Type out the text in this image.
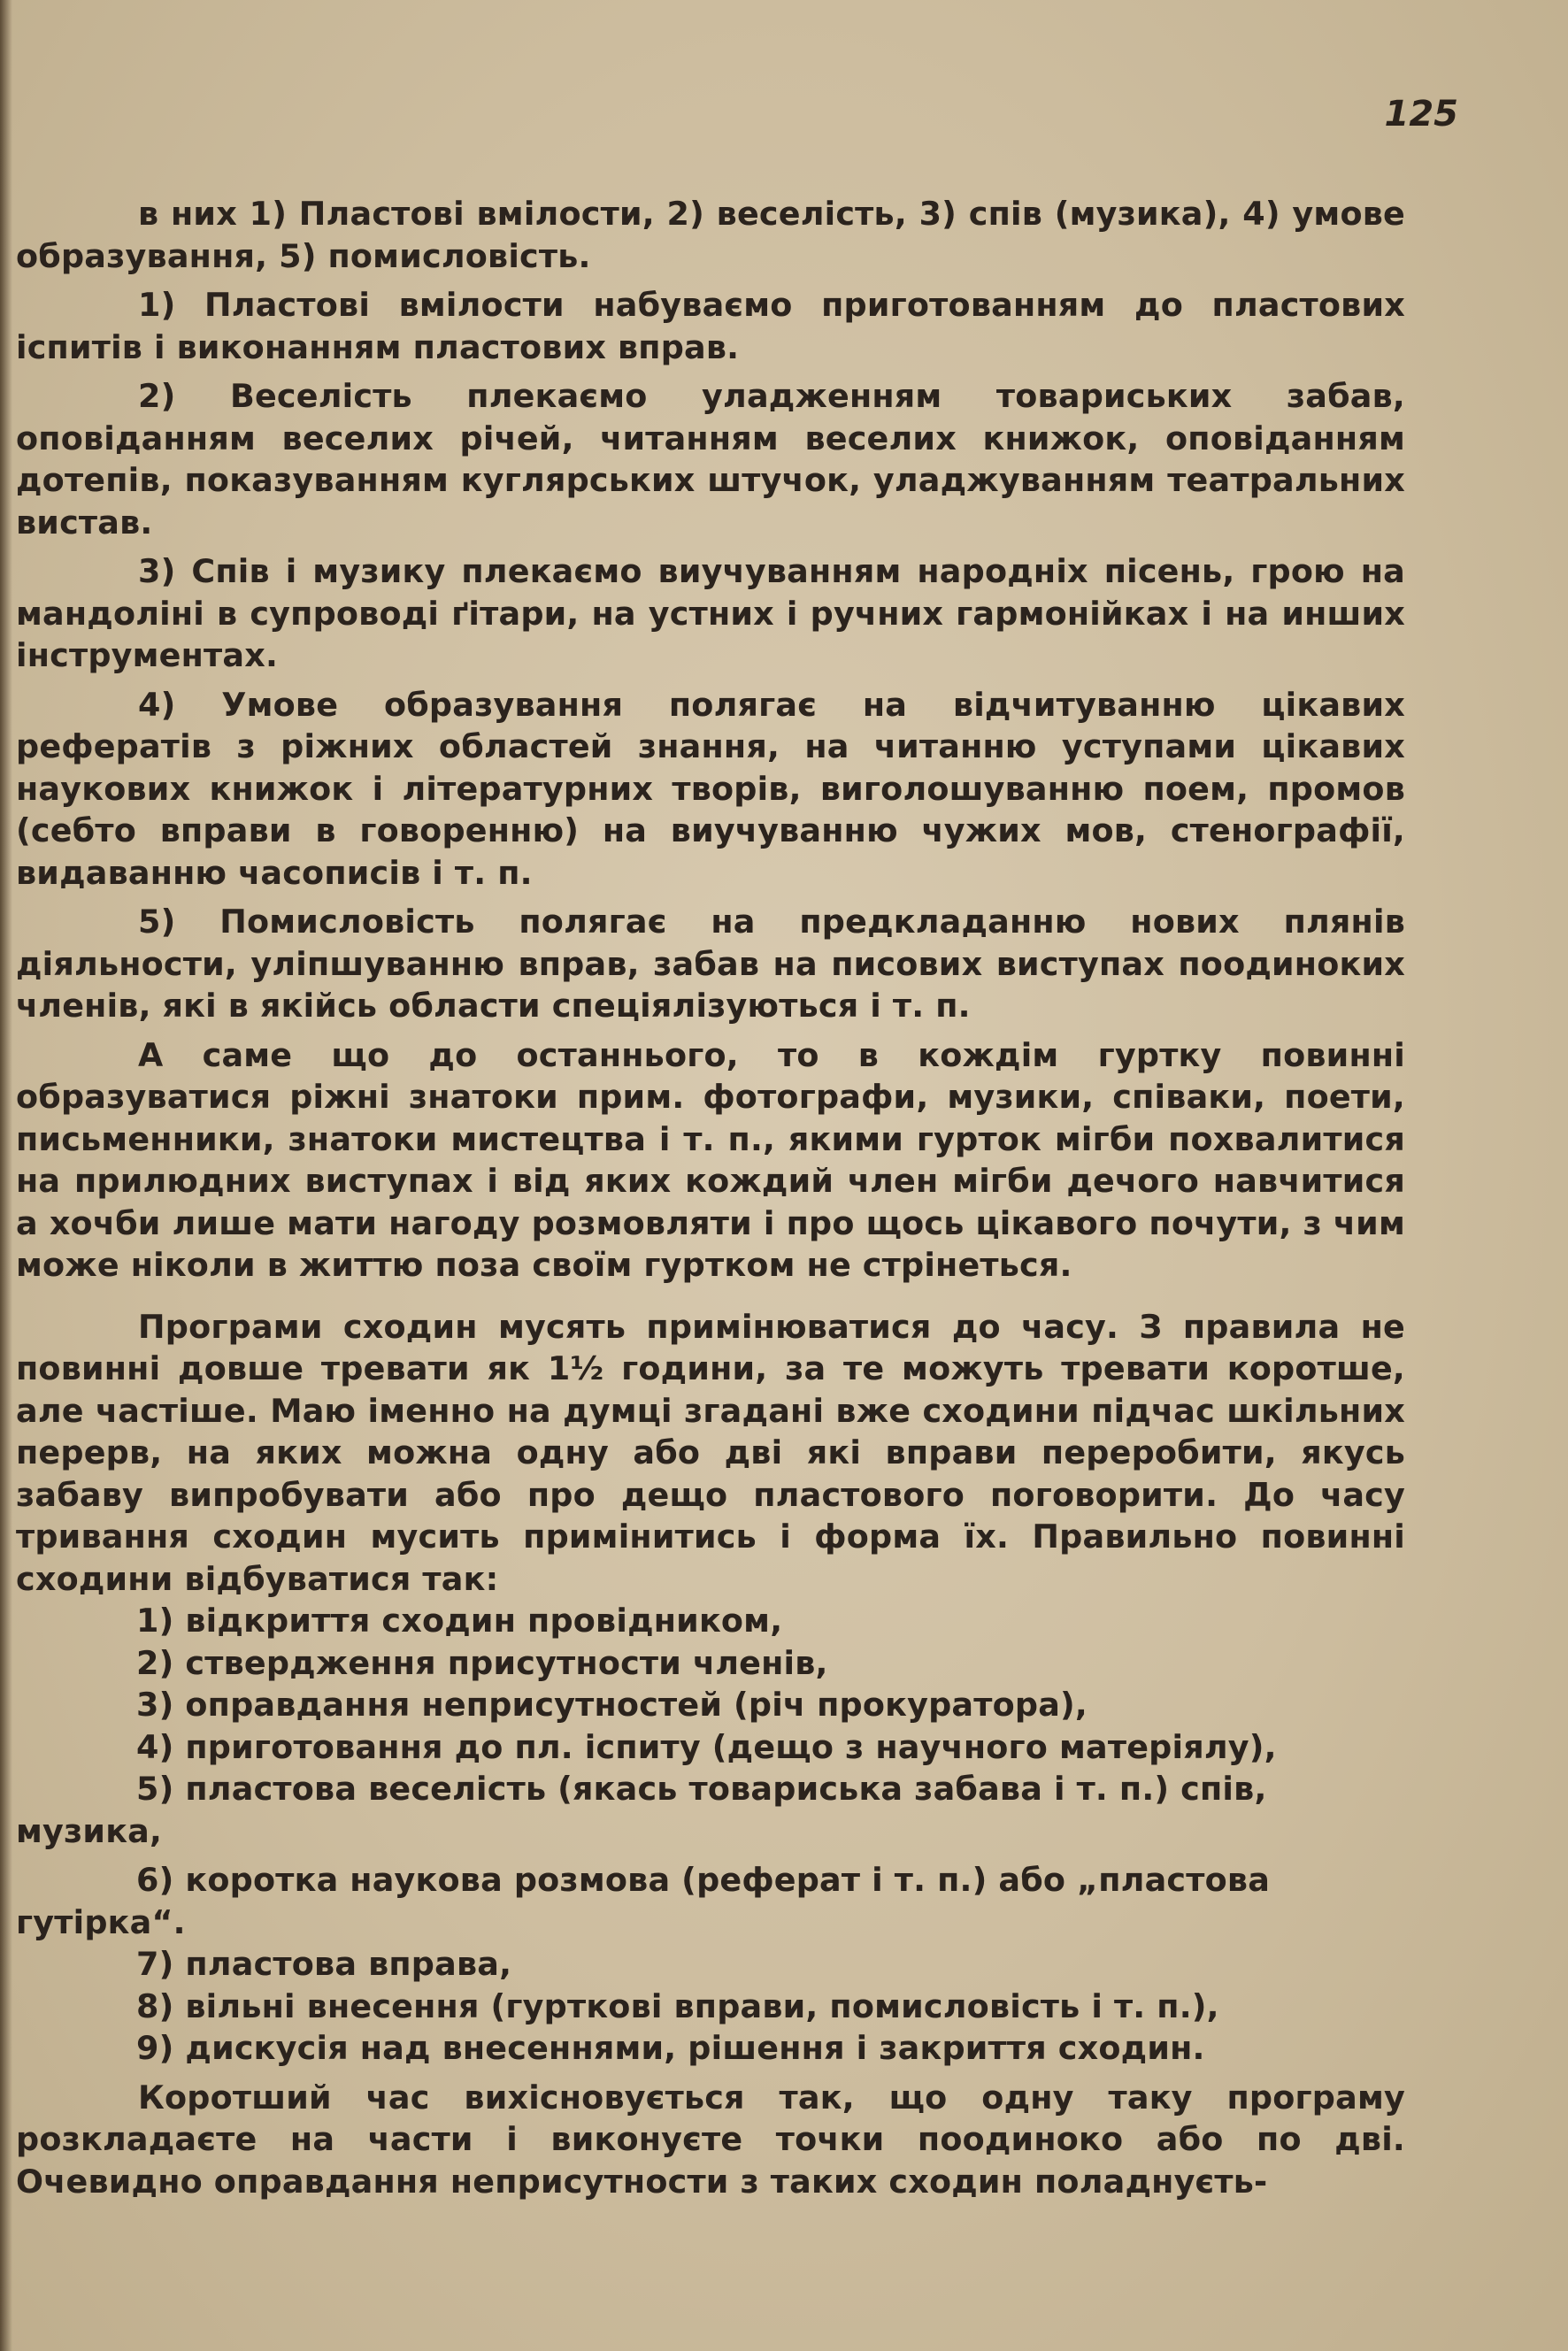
125

в них 1) Пластові вмілости, 2) веселість, 3) спів (музика), 4) умове образування, 5) помисловість.

1) Пластові вмілости набуваємо приготованням до пластових іспитів і виконанням пластових вправ.

2) Веселість плекаємо уладженням товариських забав, оповіданням веселих річей, читанням веселих книжок, оповіданням дотепів, показуванням куглярських штучок, уладжуванням театральних вистав.

3) Спів і музику плекаємо виучуванням народніх пісень, грою на мандоліні в супроводі ґітари, на устних і ручних гармонійках і на инших інструментах.

4) Умове образування полягає на відчитуванню цікавих рефератів з ріжних областей знання, на читанню уступами цікавих наукових книжок і літературних творів, виголошуванню поем, промов (себто вправи в говоренню) на виучуванню чужих мов, стенографії, видаванню часописів і т. п.

5) Помисловість полягає на предкладанню нових плянів діяльности, уліпшуванню вправ, забав на писових виступах поодиноких членів, які в якійсь области спеціялізуються і т. п.

А саме що до останнього, то в кождім гуртку повинні образуватися ріжні знатоки прим. фотографи, музики, співаки, поети, письменники, знатоки мистецтва і т. п., якими гурток мігби похвалитися на прилюдних виступах і від яких кождий член мігби дечого навчитися а хочби лише мати нагоду розмовляти і про щось цікавого почути, з чим може ніколи в життю поза своїм гуртком не стрінеться.

Програми сходин мусять примінюватися до часу. З правила не повинні довше тревати як 1½ години, за те можуть тревати коротше, але частіше. Маю іменно на думці згадані вже сходини підчас шкільних перерв, на яких можна одну або дві які вправи переробити, якусь забаву випробувати або про дещо пластового поговорити. До часу тривання сходин мусить примінитись і форма їх. Правильно повинні сходини відбуватися так:

1) відкриття сходин провідником,

2) ствердження присутности членів,

3) оправдання неприсутностей (річ прокуратора),

4) приготовання до пл. іспиту (дещо з научного матеріялу),

5) пластова веселість (якась товариська забава і т. п.) спів, музика,

6) коротка наукова розмова (реферат і т. п.) або „пластова гутірка“.

7) пластова вправа,

8) вільні внесення (гурткові вправи, помисловість і т. п.),

9) дискусія над внесеннями, рішення і закриття сходин.

Коротший час вихісновується так, що одну таку програму розкладаєте на части і виконуєте точки поодиноко або по дві. Очевидно оправдання неприсутности з таких сходин поладнуєть-
